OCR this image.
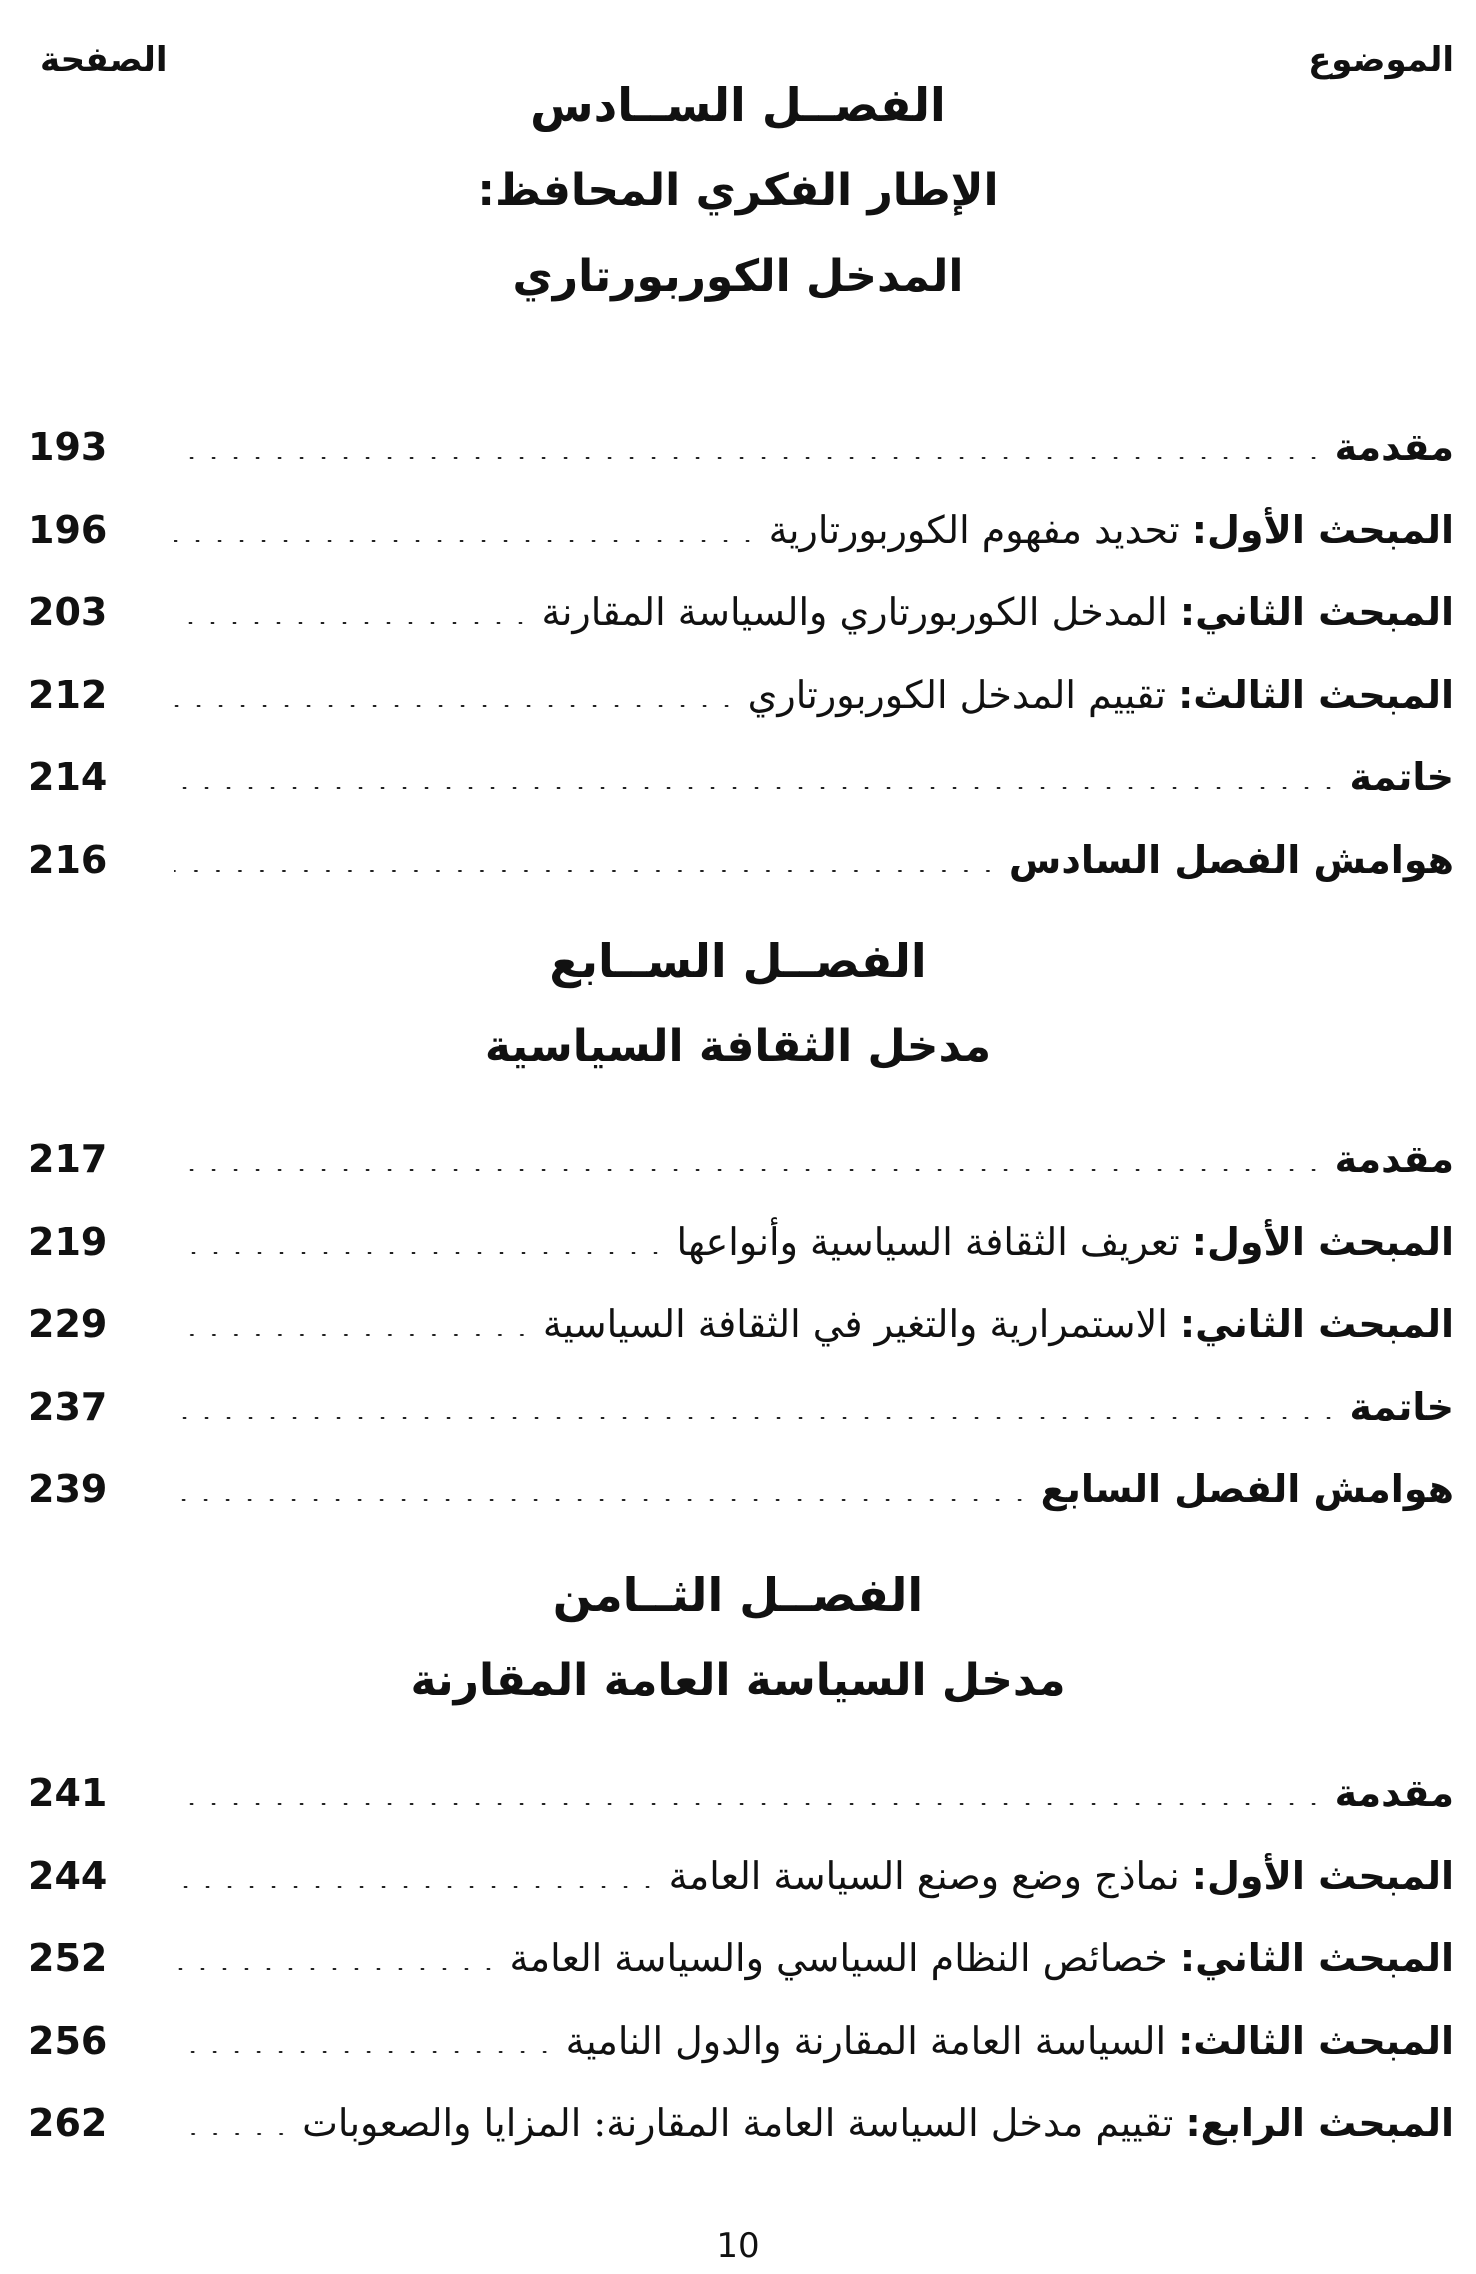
الموضوع
الصفحة
الفصــل الســادس
الإطار الفكري المحافظ:
المدخل الكوربورتاري
193	مقدمة
196	المبحث الأول: تحديد مفهوم الكوربورتارية
203	المبحث الثاني: المدخل الكوربورتاري والسياسة المقارنة
212	المبحث الثالث: تقييم المدخل الكوربورتاري
214	خاتمة
216	هوامش الفصل السادس
الفصــل الســابع
مدخل الثقافة السياسية
217	مقدمة
219	المبحث الأول: تعريف الثقافة السياسية وأنواعها
229	المبحث الثاني: الاستمرارية والتغير في الثقافة السياسية
237	خاتمة
239	هوامش الفصل السابع
الفصــل الثــامن
مدخل السياسة العامة المقارنة
241	مقدمة
244	المبحث الأول: نماذج وضع وصنع السياسة العامة
252	المبحث الثاني: خصائص النظام السياسي والسياسة العامة
256	المبحث الثالث: السياسة العامة المقارنة والدول النامية
262	المبحث الرابع: تقييم مدخل السياسة العامة المقارنة: المزايا والصعوبات
10
